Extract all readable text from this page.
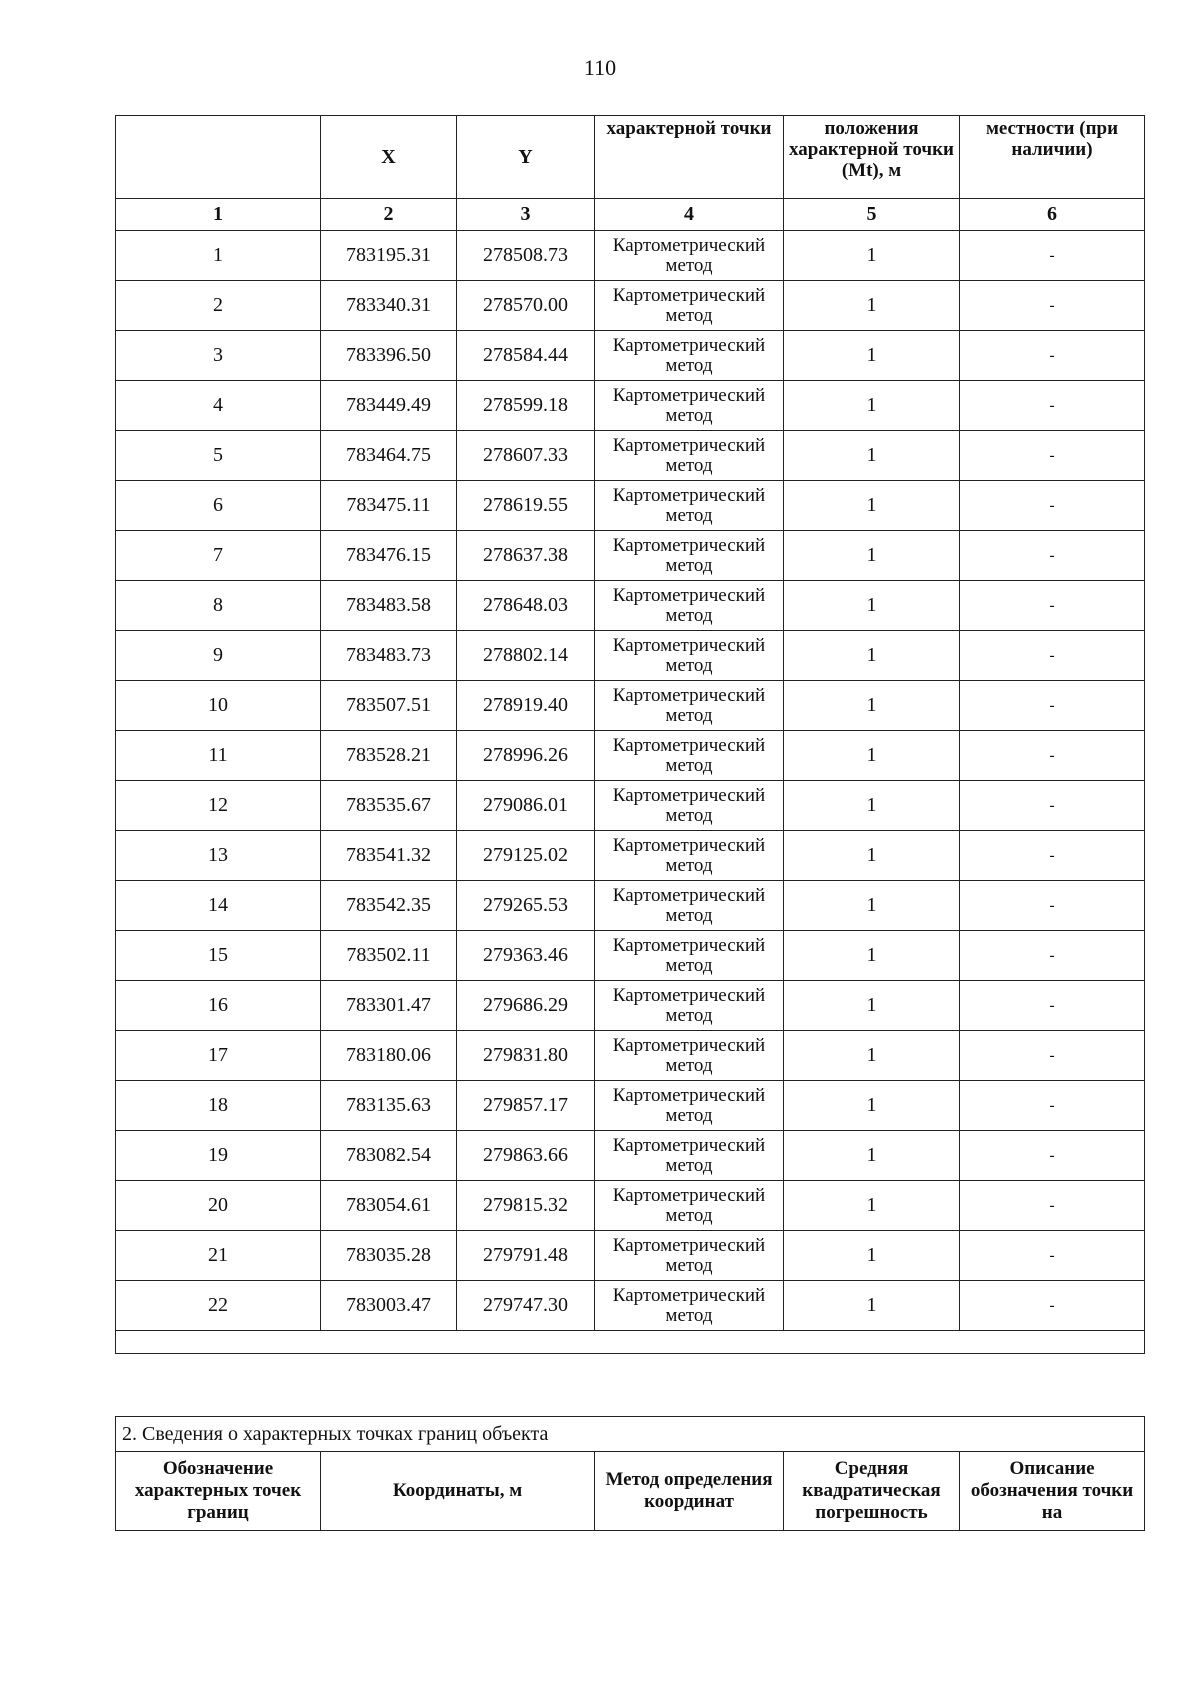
110
	X	Y	характерной точки	положения характерной точки (Mt), м	местности (при наличии)
1	2	3	4	5	6
1	783195.31	278508.73	Картометрический метод	1	-
2	783340.31	278570.00	Картометрический метод	1	-
3	783396.50	278584.44	Картометрический метод	1	-
4	783449.49	278599.18	Картометрический метод	1	-
5	783464.75	278607.33	Картометрический метод	1	-
6	783475.11	278619.55	Картометрический метод	1	-
7	783476.15	278637.38	Картометрический метод	1	-
8	783483.58	278648.03	Картометрический метод	1	-
9	783483.73	278802.14	Картометрический метод	1	-
10	783507.51	278919.40	Картометрический метод	1	-
11	783528.21	278996.26	Картометрический метод	1	-
12	783535.67	279086.01	Картометрический метод	1	-
13	783541.32	279125.02	Картометрический метод	1	-
14	783542.35	279265.53	Картометрический метод	1	-
15	783502.11	279363.46	Картометрический метод	1	-
16	783301.47	279686.29	Картометрический метод	1	-
17	783180.06	279831.80	Картометрический метод	1	-
18	783135.63	279857.17	Картометрический метод	1	-
19	783082.54	279863.66	Картометрический метод	1	-
20	783054.61	279815.32	Картометрический метод	1	-
21	783035.28	279791.48	Картометрический метод	1	-
22	783003.47	279747.30	Картометрический метод	1	-

2. Сведения о характерных точках границ объекта
Обозначение характерных точек границ	Координаты, м	Метод определения координат	Средняя квадратическая погрешность	Описание обозначения точки на
